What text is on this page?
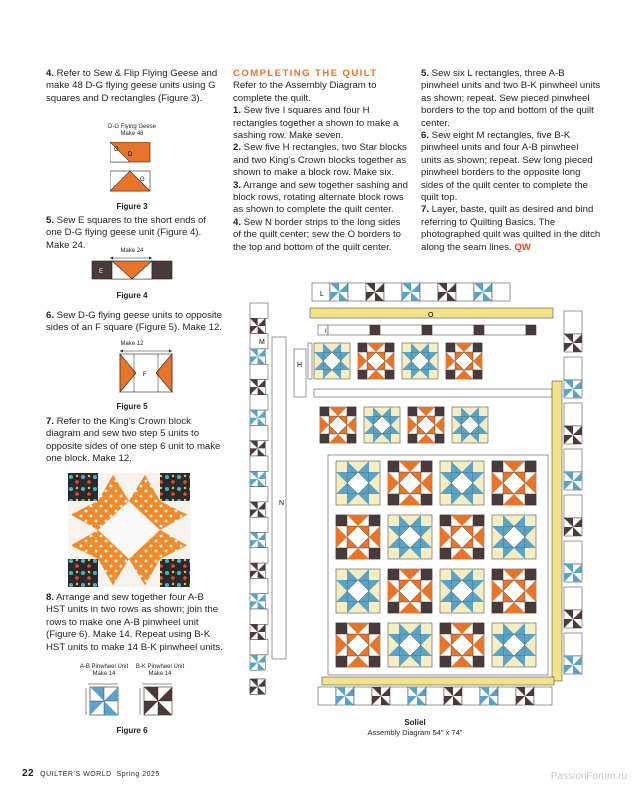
4. Refer to Sew & Flip Flying Geese and make 48 D-G flying geese units using G squares and D rectangles (Figure 3).

D-G Flying Geese
Make 48
G
D
G
Figure 3

5. Sew E squares to the short ends of one D-G flying geese unit (Figure 4). Make 24.

Make 24
E
Figure 4

6. Sew D-G flying geese units to opposite sides of an F square (Figure 5). Make 12.

Make 12
F
Figure 5

7. Refer to the King’s Crown block diagram and sew two step 5 units to opposite sides of one step 6 unit to make one block. Make 12.

8. Arrange and sew together four A-B HST units in two rows as shown; join the rows to make one A-B pinwheel unit (Figure 6). Make 14. Repeat using B-K HST units to make 14 B-K pinwheel units.

A-B Pinwheel Unit
Make 14
B-K Pinwheel Unit
Make 14
Figure 6

COMPLETING THE QUILT

Refer to the Assembly Diagram to complete the quilt.

1. Sew five I squares and four H rectangles together a shown to make a sashing row. Make seven.

2. Sew five H rectangles, two Star blocks and two King’s Crown blocks together as shown to make a block row. Make six.

3. Arrange and sew together sashing and block rows, rotating alternate block rows as shown to complete the quilt center.

4. Sew N border strips to the long sides of the quilt center; sew the O borders to the top and bottom of the quilt center.

5. Sew six L rectangles, three A-B pinwheel units and two B-K pinwheel units as shown; repeat. Sew pieced pinwheel borders to the top and bottom of the quilt center.

6. Sew eight M rectangles, five B-K pinwheel units and four A-B pinwheel units as shown; repeat. Sew long pieced pinwheel borders to the opposite long sides of the quilt center to complete the quilt top.

7. Layer, baste, quilt as desired and bind referring to Quilting Basics. The photographed quilt was quilted in the ditch along the seam lines. QW

L
O
I
M
H
N
Soliel
Assembly Diagram 54" x 74"
22 QUILTER’S WORLD Spring 2025	PassionForum.ru
